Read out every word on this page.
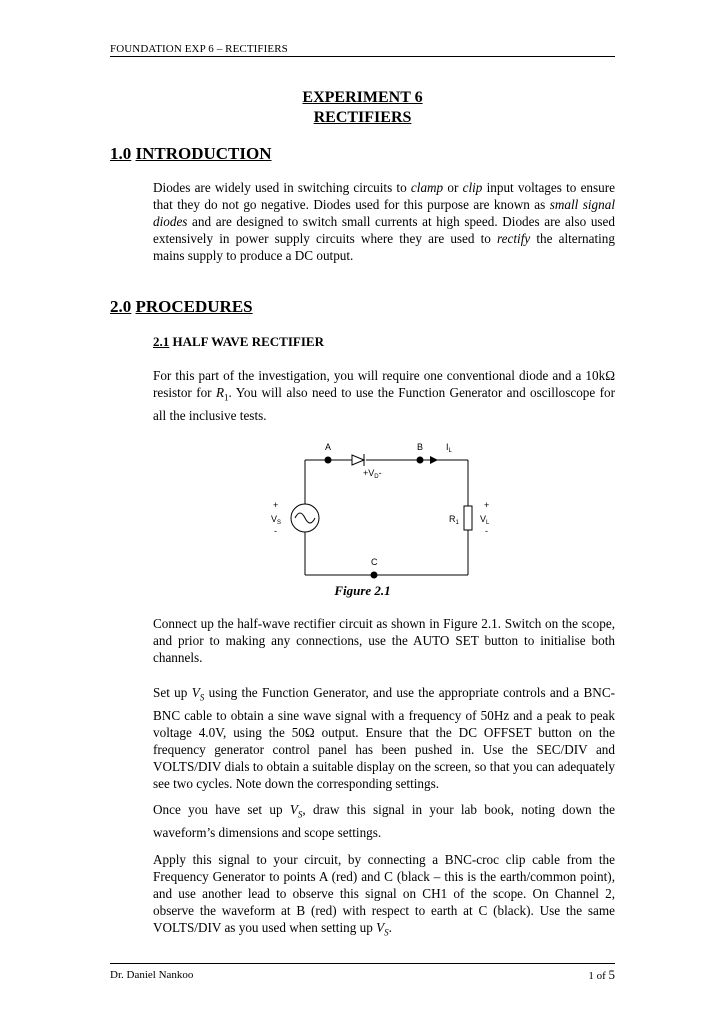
FOUNDATION EXP 6 – RECTIFIERS
EXPERIMENT 6
RECTIFIERS
1.0 INTRODUCTION

Diodes are widely used in switching circuits to clamp or clip input voltages to ensure that they do not go negative. Diodes used for this purpose are known as small signal diodes and are designed to switch small currents at high speed. Diodes are also used extensively in power supply circuits where they are used to rectify the alternating mains supply to produce a DC output.

2.0 PROCEDURES
2.1 HALF WAVE RECTIFIER

For this part of the investigation, you will require one conventional diode and a 10kΩ resistor for $R_1$. You will also need to use the Function Generator and oscilloscope for all the inclusive tests.

A	B
C
$I_L$
$+V_D-$
+
$V_S$
-
$R_1$
+
$V_L$
-
Figure 2.1

Connect up the half-wave rectifier circuit as shown in Figure 2.1. Switch on the scope, and prior to making any connections, use the AUTO SET button to initialise both channels.

Set up $V_S$ using the Function Generator, and use the appropriate controls and a BNC-BNC cable to obtain a sine wave signal with a frequency of 50Hz and a peak to peak voltage 4.0V, using the 50Ω output. Ensure that the DC OFFSET button on the frequency generator control panel has been pushed in. Use the SEC/DIV and VOLTS/DIV dials to obtain a suitable display on the screen, so that you can adequately see two cycles. Note down the corresponding settings.

Once you have set up $V_S$, draw this signal in your lab book, noting down the waveform’s dimensions and scope settings.

Apply this signal to your circuit, by connecting a BNC-croc clip cable from the Frequency Generator to points A (red) and C (black – this is the earth/common point), and use another lead to observe this signal on CH1 of the scope. On Channel 2, observe the waveform at B (red) with respect to earth at C (black). Use the same VOLTS/DIV as you used when setting up $V_S$.

Dr. Daniel Nankoo	1 of 5
